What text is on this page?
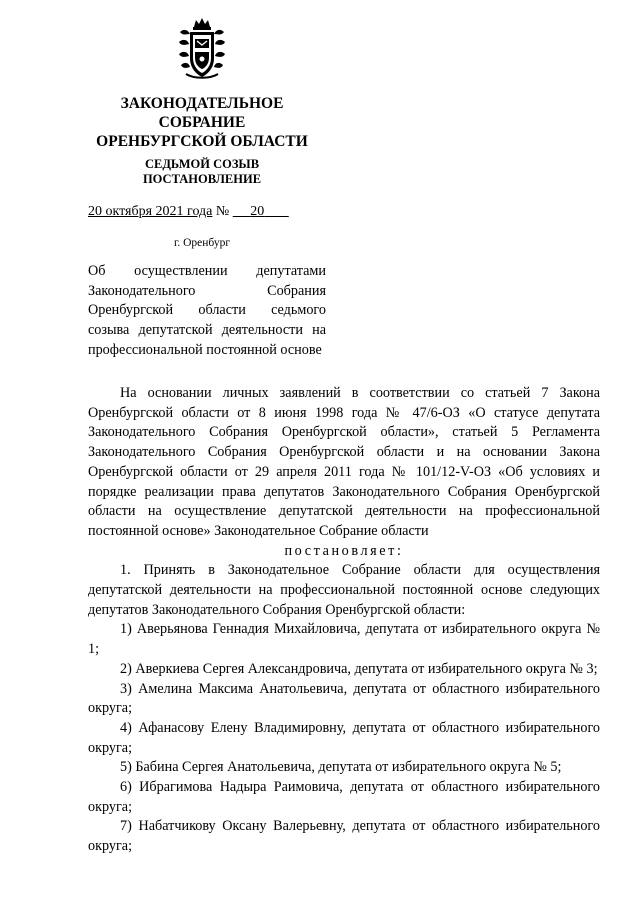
ЗАКОНОДАТЕЛЬНОЕ
СОБРАНИЕ
ОРЕНБУРГСКОЙ ОБЛАСТИ
СЕДЬМОЙ СОЗЫВ
ПОСТАНОВЛЕНИЕ
20 октября 2021 года № 20
г. Оренбург
Об осуществлении депутатами Законодательного Собрания Оренбургской области седьмого созыва депутатской деятельности на профессиональной постоянной основе

На основании личных заявлений в соответствии со статьей 7 Закона Оренбургской области от 8 июня 1998 года № 47/6-ОЗ «О статусе депутата Законодательного Собрания Оренбургской области», статьей 5 Регламента Законодательного Собрания Оренбургской области и на основании Закона Оренбургской области от 29 апреля 2011 года № 101/12-V-ОЗ «Об условиях и порядке реализации права депутатов Законодательного Собрания Оренбургской области на осуществление депутатской деятельности на профессиональной постоянной основе» Законодательное Собрание области

постановляет:

1. Принять в Законодательное Собрание области для осуществления депутатской деятельности на профессиональной постоянной основе следующих депутатов Законодательного Собрания Оренбургской области:

1) Аверьянова Геннадия Михайловича, депутата от избирательного округа № 1;

2) Аверкиева Сергея Александровича, депутата от избирательного округа № 3;

3) Амелина Максима Анатольевича, депутата от областного избирательного округа;

4) Афанасову Елену Владимировну, депутата от областного избирательного округа;

5) Бабина Сергея Анатольевича, депутата от избирательного округа № 5;

6) Ибрагимова Надыра Раимовича, депутата от областного избирательного округа;

7) Набатчикову Оксану Валерьевну, депутата от областного избирательного округа;
